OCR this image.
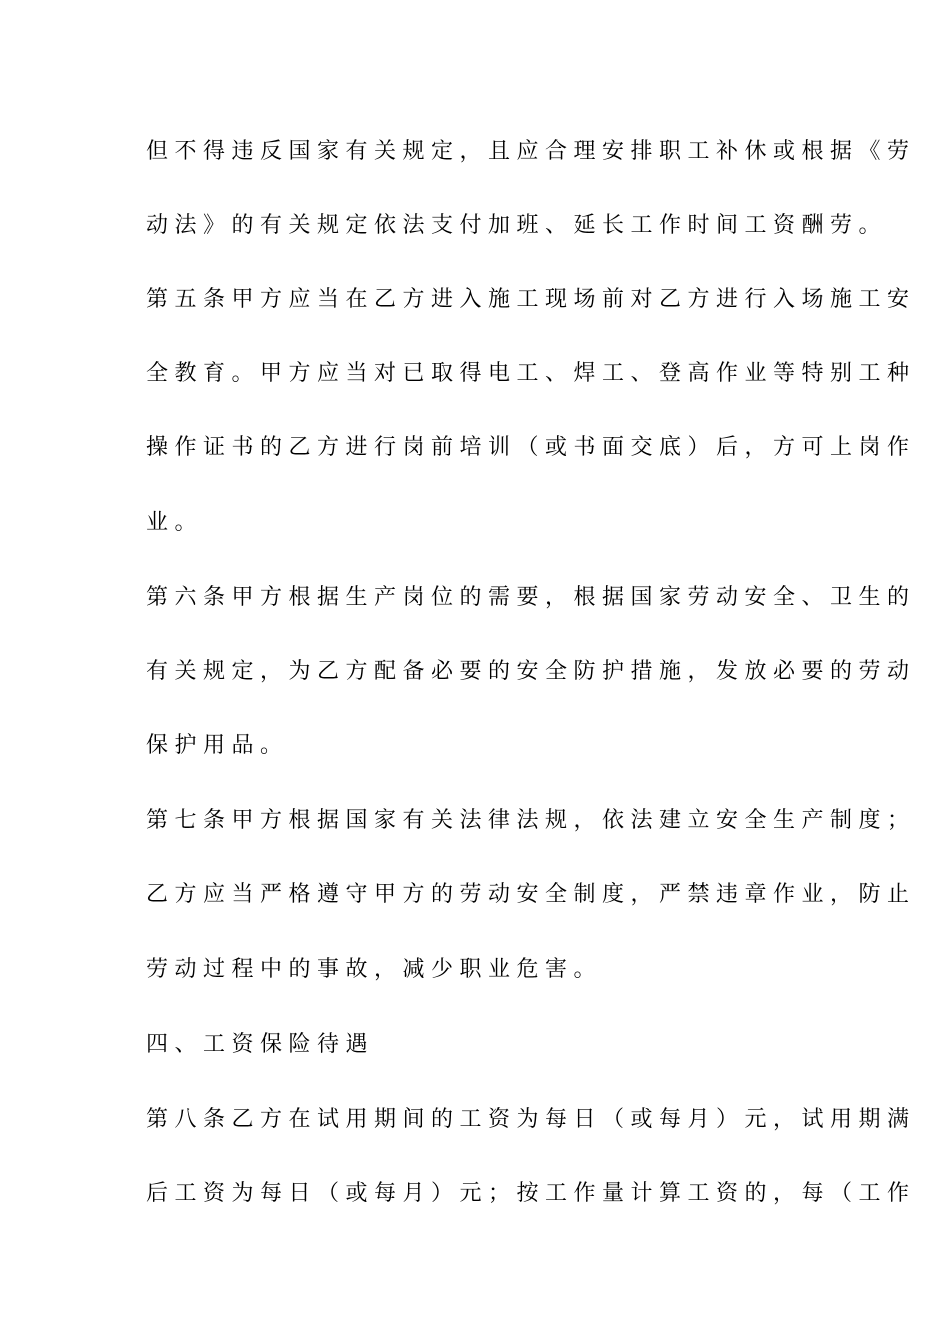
但不得违反国家有关规定，且应合理安排职工补休或根据《劳
动法》的有关规定依法支付加班、延长工作时间工资酬劳。
第五条甲方应当在乙方进入施工现场前对乙方进行入场施工安
全教育。甲方应当对已取得电工、焊工、登高作业等特别工种
操作证书的乙方进行岗前培训（或书面交底）后，方可上岗作
业。
第六条甲方根据生产岗位的需要，根据国家劳动安全、卫生的
有关规定，为乙方配备必要的安全防护措施，发放必要的劳动
保护用品。
第七条甲方根据国家有关法律法规，依法建立安全生产制度；
乙方应当严格遵守甲方的劳动安全制度，严禁违章作业，防止
劳动过程中的事故，减少职业危害。
四、工资保险待遇
第八条乙方在试用期间的工资为每日（或每月）元，试用期满
后工资为每日（或每月）元；按工作量计算工资的，每（工作
